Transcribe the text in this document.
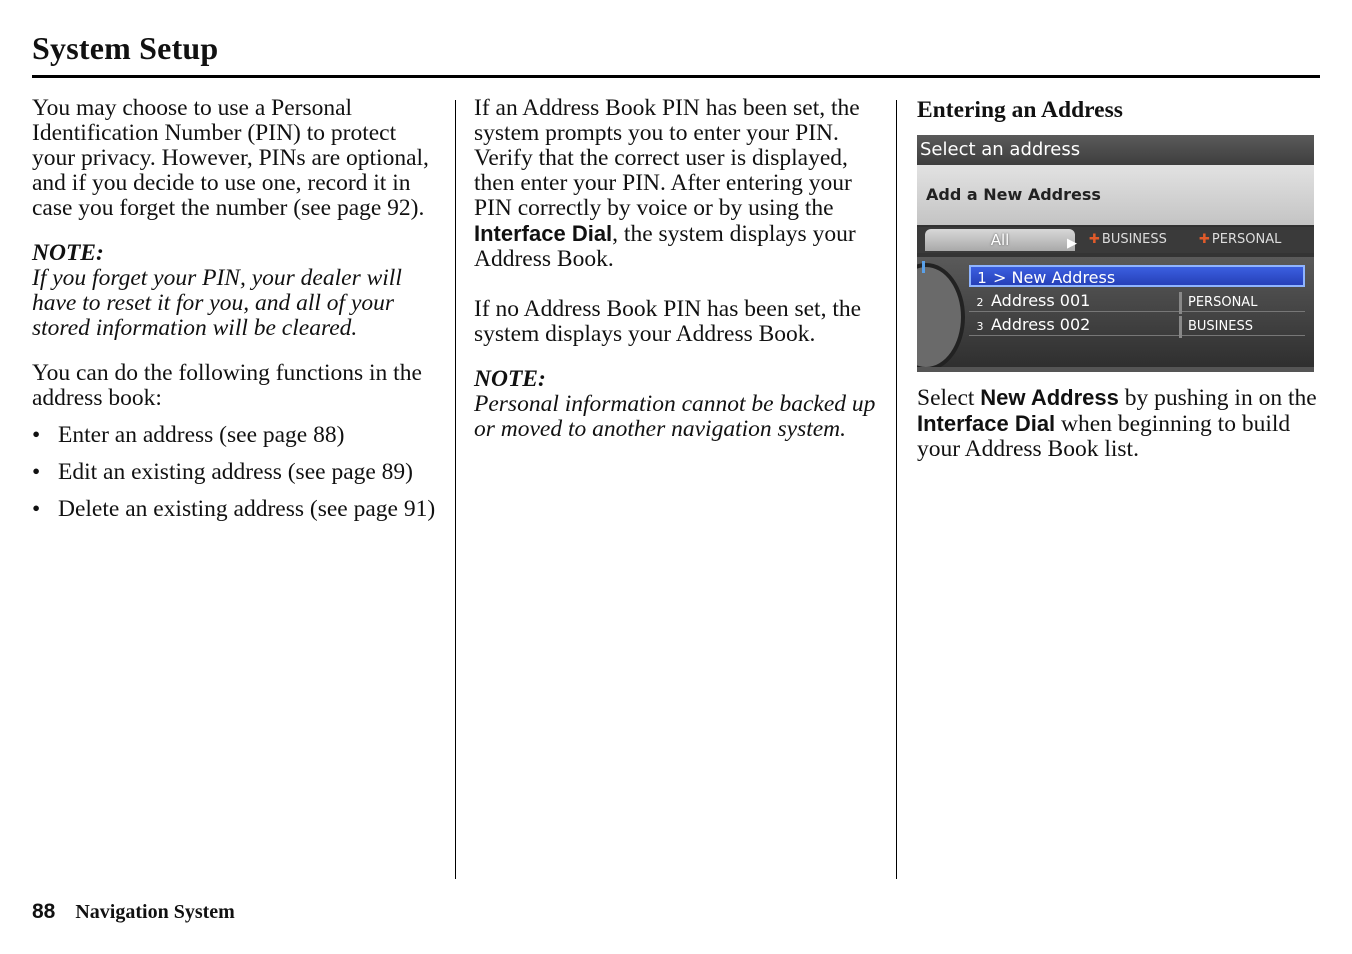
System Setup

You may choose to use a Personal Identification Number (PIN) to protect your privacy. However, PINs are optional, and if you decide to use one, record it in case you forget the number (see page 92).

NOTE:

If you forget your PIN, your dealer will have to reset it for you, and all of your stored information will be cleared.

You can do the following functions in the address book:

• Enter an address (see page 88)
• Edit an existing address (see page 89)
• Delete an existing address (see page 91)

If an Address Book PIN has been set, the system prompts you to enter your PIN. Verify that the correct user is displayed, then enter your PIN. After entering your PIN correctly by voice or by using the Interface Dial, the system displays your Address Book.

If no Address Book PIN has been set, the system displays your Address Book.

NOTE:

Personal information cannot be backed up or moved to another navigation system.

Entering an Address

Select an address
Add a New Address
All	▶ ✚ BUSINESS ✚ PERSONAL
1 > New Address
2 Address 001	PERSONAL
3 Address 002	BUSINESS

Select New Address by pushing in on the Interface Dial when beginning to build your Address Book list.

88 Navigation System
